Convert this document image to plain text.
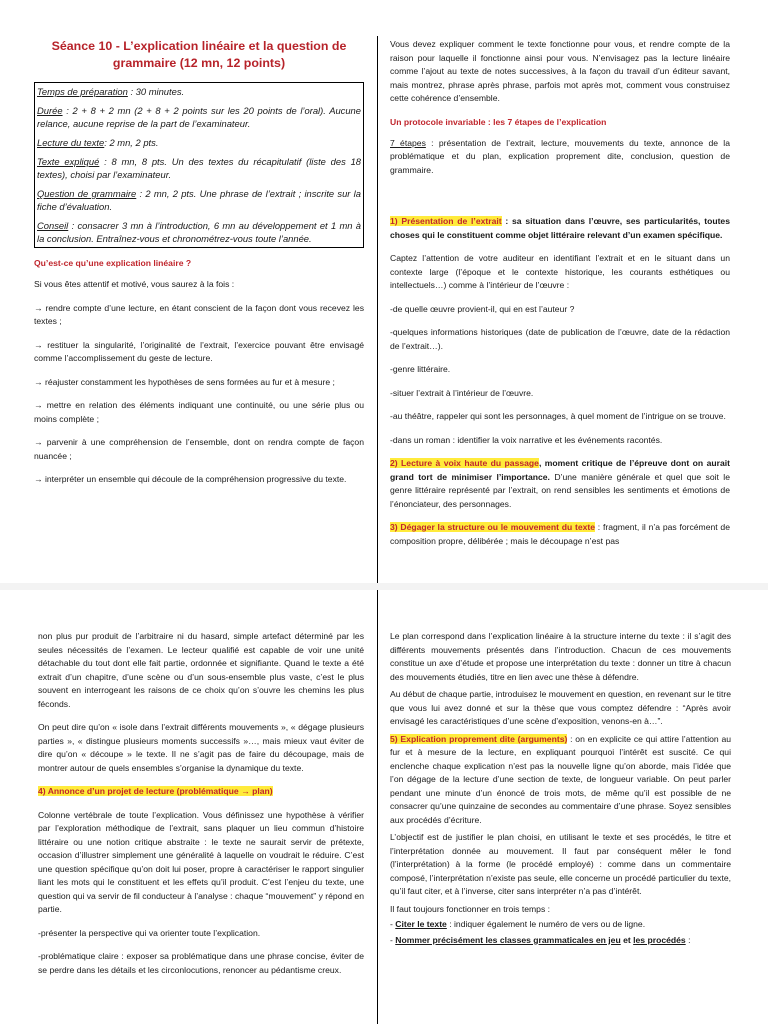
Séance 10 - L’explication linéaire et la question de grammaire (12 mn, 12 points)

Temps de préparation : 30 minutes.

Durée : 2 + 8 + 2 mn (2 + 8 + 2 points sur les 20 points de l’oral). Aucune relance, aucune reprise de la part de l’examinateur.

Lecture du texte: 2 mn, 2 pts.

Texte expliqué : 8 mn, 8 pts. Un des textes du récapitulatif (liste des 18 textes), choisi par l’examinateur.

Question de grammaire : 2 mn, 2 pts. Une phrase de l’extrait ; inscrite sur la fiche d’évaluation.

Conseil : consacrer 3 mn à l’introduction, 6 mn au développement et 1 mn à la conclusion. Entraînez-vous et chronométrez-vous toute l’année.

Qu’est-ce qu’une explication linéaire ?

Si vous êtes attentif et motivé, vous saurez à la fois :

→ rendre compte d’une lecture, en étant conscient de la façon dont vous recevez les textes ;

→ restituer la singularité, l’originalité de l’extrait, l’exercice pouvant être envisagé comme l’accomplissement du geste de lecture.

→ réajuster constamment les hypothèses de sens formées au fur et à mesure ;

→ mettre en relation des éléments indiquant une continuité, ou une série plus ou moins complète ;

→ parvenir à une compréhension de l’ensemble, dont on rendra compte de façon nuancée ;

→ interpréter un ensemble qui découle de la compréhension progressive du texte.

Vous devez expliquer comment le texte fonctionne pour vous, et rendre compte de la raison pour laquelle il fonctionne ainsi pour vous. N’envisagez pas la lecture linéaire comme l’ajout au texte de notes successives, à la façon du travail d’un éditeur savant, mais montrez, phrase après phrase, parfois mot après mot, comment vous construisez cette cohérence d’ensemble.

Un protocole invariable : les 7 étapes de l’explication

7 étapes : présentation de l’extrait, lecture, mouvements du texte, annonce de la problématique et du plan, explication proprement dite, conclusion, question de grammaire.

1) Présentation de l’extrait : sa situation dans l’œuvre, ses particularités, toutes choses qui le constituent comme objet littéraire relevant d’un examen spécifique.

Captez l’attention de votre auditeur en identifiant l’extrait et en le situant dans un contexte large (l’époque et le contexte historique, les courants esthétiques ou intellectuels…) comme à l’intérieur de l’œuvre :

-de quelle œuvre provient-il, qui en est l’auteur ?

-quelques informations historiques (date de publication de l’œuvre, date de la rédaction de l’extrait…).

-genre littéraire.

-situer l’extrait à l’intérieur de l’œuvre.

-au théâtre, rappeler qui sont les personnages, à quel moment de l’intrigue on se trouve.

-dans un roman : identifier la voix narrative et les événements racontés.

2) Lecture à voix haute du passage, moment critique de l’épreuve dont on aurait grand tort de minimiser l’importance. D’une manière générale et quel que soit le genre littéraire représenté par l’extrait, on rend sensibles les sentiments et émotions de l’énonciateur, des personnages.

3) Dégager la structure ou le mouvement du texte : fragment, il n’a pas forcément de composition propre, délibérée ; mais le découpage n’est pas

non plus pur produit de l’arbitraire ni du hasard, simple artefact déterminé par les seules nécessités de l’examen. Le lecteur qualifié est capable de voir une unité détachable du tout dont elle fait partie, ordonnée et signifiante. Quand le texte a été extrait d’un chapitre, d’une scène ou d’un sous-ensemble plus vaste, c’est le plus souvent en interrogeant les raisons de ce choix qu’on s’ouvre les chemins les plus féconds.

On peut dire qu’on « isole dans l’extrait différents mouvements », « dégage plusieurs parties », « distingue plusieurs moments successifs »…, mais mieux vaut éviter de dire qu’on « découpe » le texte. Il ne s’agit pas de faire du découpage, mais de montrer autour de quels ensembles s’organise la dynamique du texte.

4) Annonce d’un projet de lecture (problématique → plan)

Colonne vertébrale de toute l’explication. Vous définissez une hypothèse à vérifier par l’exploration méthodique de l’extrait, sans plaquer un lieu commun d’histoire littéraire ou une notion critique abstraite : le texte ne saurait servir de prétexte, occasion d’illustrer simplement une généralité à laquelle on voudrait le réduire. C’est une question spécifique qu’on doit lui poser, propre à caractériser le rapport singulier liant les mots qui le constituent et les effets qu’il produit. C’est l’enjeu du texte, une question qui va servir de fil conducteur à l’analyse : chaque “mouvement” y répond en partie.

-présenter la perspective qui va orienter toute l’explication.

-problématique claire : exposer sa problématique dans une phrase concise, éviter de se perdre dans les détails et les circonlocutions, renoncer au pédantisme creux.

Le plan correspond dans l’explication linéaire à la structure interne du texte : il s’agit des différents mouvements présentés dans l’introduction. Chacun de ces mouvements constitue un axe d’étude et propose une interprétation du texte : donner un titre à chacun des mouvements étudiés, titre en lien avec une thèse à défendre.

Au début de chaque partie, introduisez le mouvement en question, en revenant sur le titre que vous lui avez donné et sur la thèse que vous comptez défendre : “Après avoir envisagé les caractéristiques d’une scène d’exposition, venons-en à…”.

5) Explication proprement dite (arguments) : on en explicite ce qui attire l’attention au fur et à mesure de la lecture, en expliquant pourquoi l’intérêt est suscité. Ce qui enclenche chaque explication n’est pas la nouvelle ligne qu’on aborde, mais l’idée que l’on dégage de la lecture d’une section de texte, de longueur variable. On peut parler pendant une minute d’un énoncé de trois mots, de même qu’il est possible de ne consacrer qu’une quinzaine de secondes au commentaire d’une phrase. Soyez sensibles aux procédés d’écriture.

L’objectif est de justifier le plan choisi, en utilisant le texte et ses procédés, le titre et l’interprétation donnée au mouvement. Il faut par conséquent mêler le fond (l’interprétation) à la forme (le procédé employé) : comme dans un commentaire composé, l’interprétation n’existe pas seule, elle concerne un procédé particulier du texte, qu’il faut citer, et à l’inverse, citer sans interpréter n’a pas d’intérêt.

Il faut toujours fonctionner en trois temps :

- Citer le texte : indiquer également le numéro de vers ou de ligne.

- Nommer précisément les classes grammaticales en jeu et les procédés :
